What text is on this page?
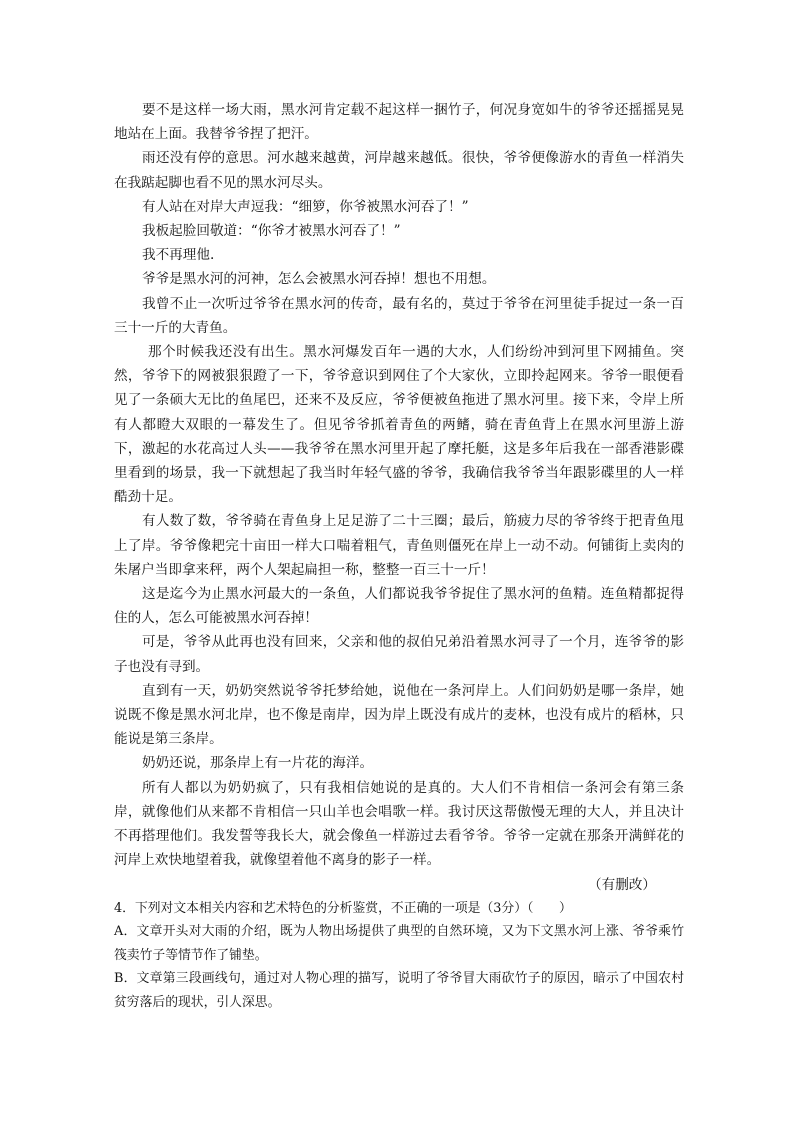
要不是这样一场大雨，黑水河肯定载不起这样一捆竹子，何况身宽如牛的爷爷还摇摇晃晃地站在上面。我替爷爷捏了把汗。

雨还没有停的意思。河水越来越黄，河岸越来越低。很快，爷爷便像游水的青鱼一样消失在我踮起脚也看不见的黑水河尽头。

有人站在对岸大声逗我：“细箩，你爷被黑水河吞了！”

我板起脸回敬道：“你爷才被黑水河吞了！”

我不再理他.

爷爷是黑水河的河神，怎么会被黑水河吞掉！想也不用想。

我曾不止一次听过爷爷在黑水河的传奇，最有名的，莫过于爷爷在河里徒手捉过一条一百三十一斤的大青鱼。

那个时候我还没有出生。黑水河爆发百年一遇的大水，人们纷纷冲到河里下网捕鱼。突然，爷爷下的网被狠狠蹬了一下，爷爷意识到网住了个大家伙，立即拎起网来。爷爷一眼便看见了一条硕大无比的鱼尾巴，还来不及反应，爷爷便被鱼拖进了黑水河里。接下来，令岸上所有人都瞪大双眼的一幕发生了。但见爷爷抓着青鱼的两鳍，骑在青鱼背上在黑水河里游上游下，激起的水花高过人头——我爷爷在黑水河里开起了摩托艇，这是多年后我在一部香港影碟里看到的场景，我一下就想起了我当时年轻气盛的爷爷，我确信我爷爷当年跟影碟里的人一样酷劲十足。

有人数了数，爷爷骑在青鱼身上足足游了二十三圈；最后，筋疲力尽的爷爷终于把青鱼甩上了岸。爷爷像耙完十亩田一样大口喘着粗气，青鱼则僵死在岸上一动不动。何铺街上卖肉的朱屠户当即拿来秤，两个人架起扁担一称，整整一百三十一斤！

这是迄今为止黑水河最大的一条鱼，人们都说我爷爷捉住了黑水河的鱼精。连鱼精都捉得住的人，怎么可能被黑水河吞掉！

可是，爷爷从此再也没有回来，父亲和他的叔伯兄弟沿着黑水河寻了一个月，连爷爷的影子也没有寻到。

直到有一天，奶奶突然说爷爷托梦给她，说他在一条河岸上。人们问奶奶是哪一条岸，她说既不像是黑水河北岸，也不像是南岸，因为岸上既没有成片的麦林，也没有成片的稻林，只能说是第三条岸。

奶奶还说，那条岸上有一片花的海洋。

所有人都以为奶奶疯了，只有我相信她说的是真的。大人们不肯相信一条河会有第三条岸，就像他们从来都不肯相信一只山羊也会唱歌一样。我讨厌这帮傲慢无理的大人，并且决计不再搭理他们。我发誓等我长大，就会像鱼一样游过去看爷爷。爷爷一定就在那条开满鲜花的河岸上欢快地望着我，就像望着他不离身的影子一样。

（有删改）

4．下列对文本相关内容和艺术特色的分析鉴赏，不正确的一项是（3分）（　　）

A．文章开头对大雨的介绍，既为人物出场提供了典型的自然环境，又为下文黑水河上涨、爷爷乘竹筏卖竹子等情节作了铺垫。

B．文章第三段画线句，通过对人物心理的描写，说明了爷爷冒大雨砍竹子的原因，暗示了中国农村贫穷落后的现状，引人深思。
